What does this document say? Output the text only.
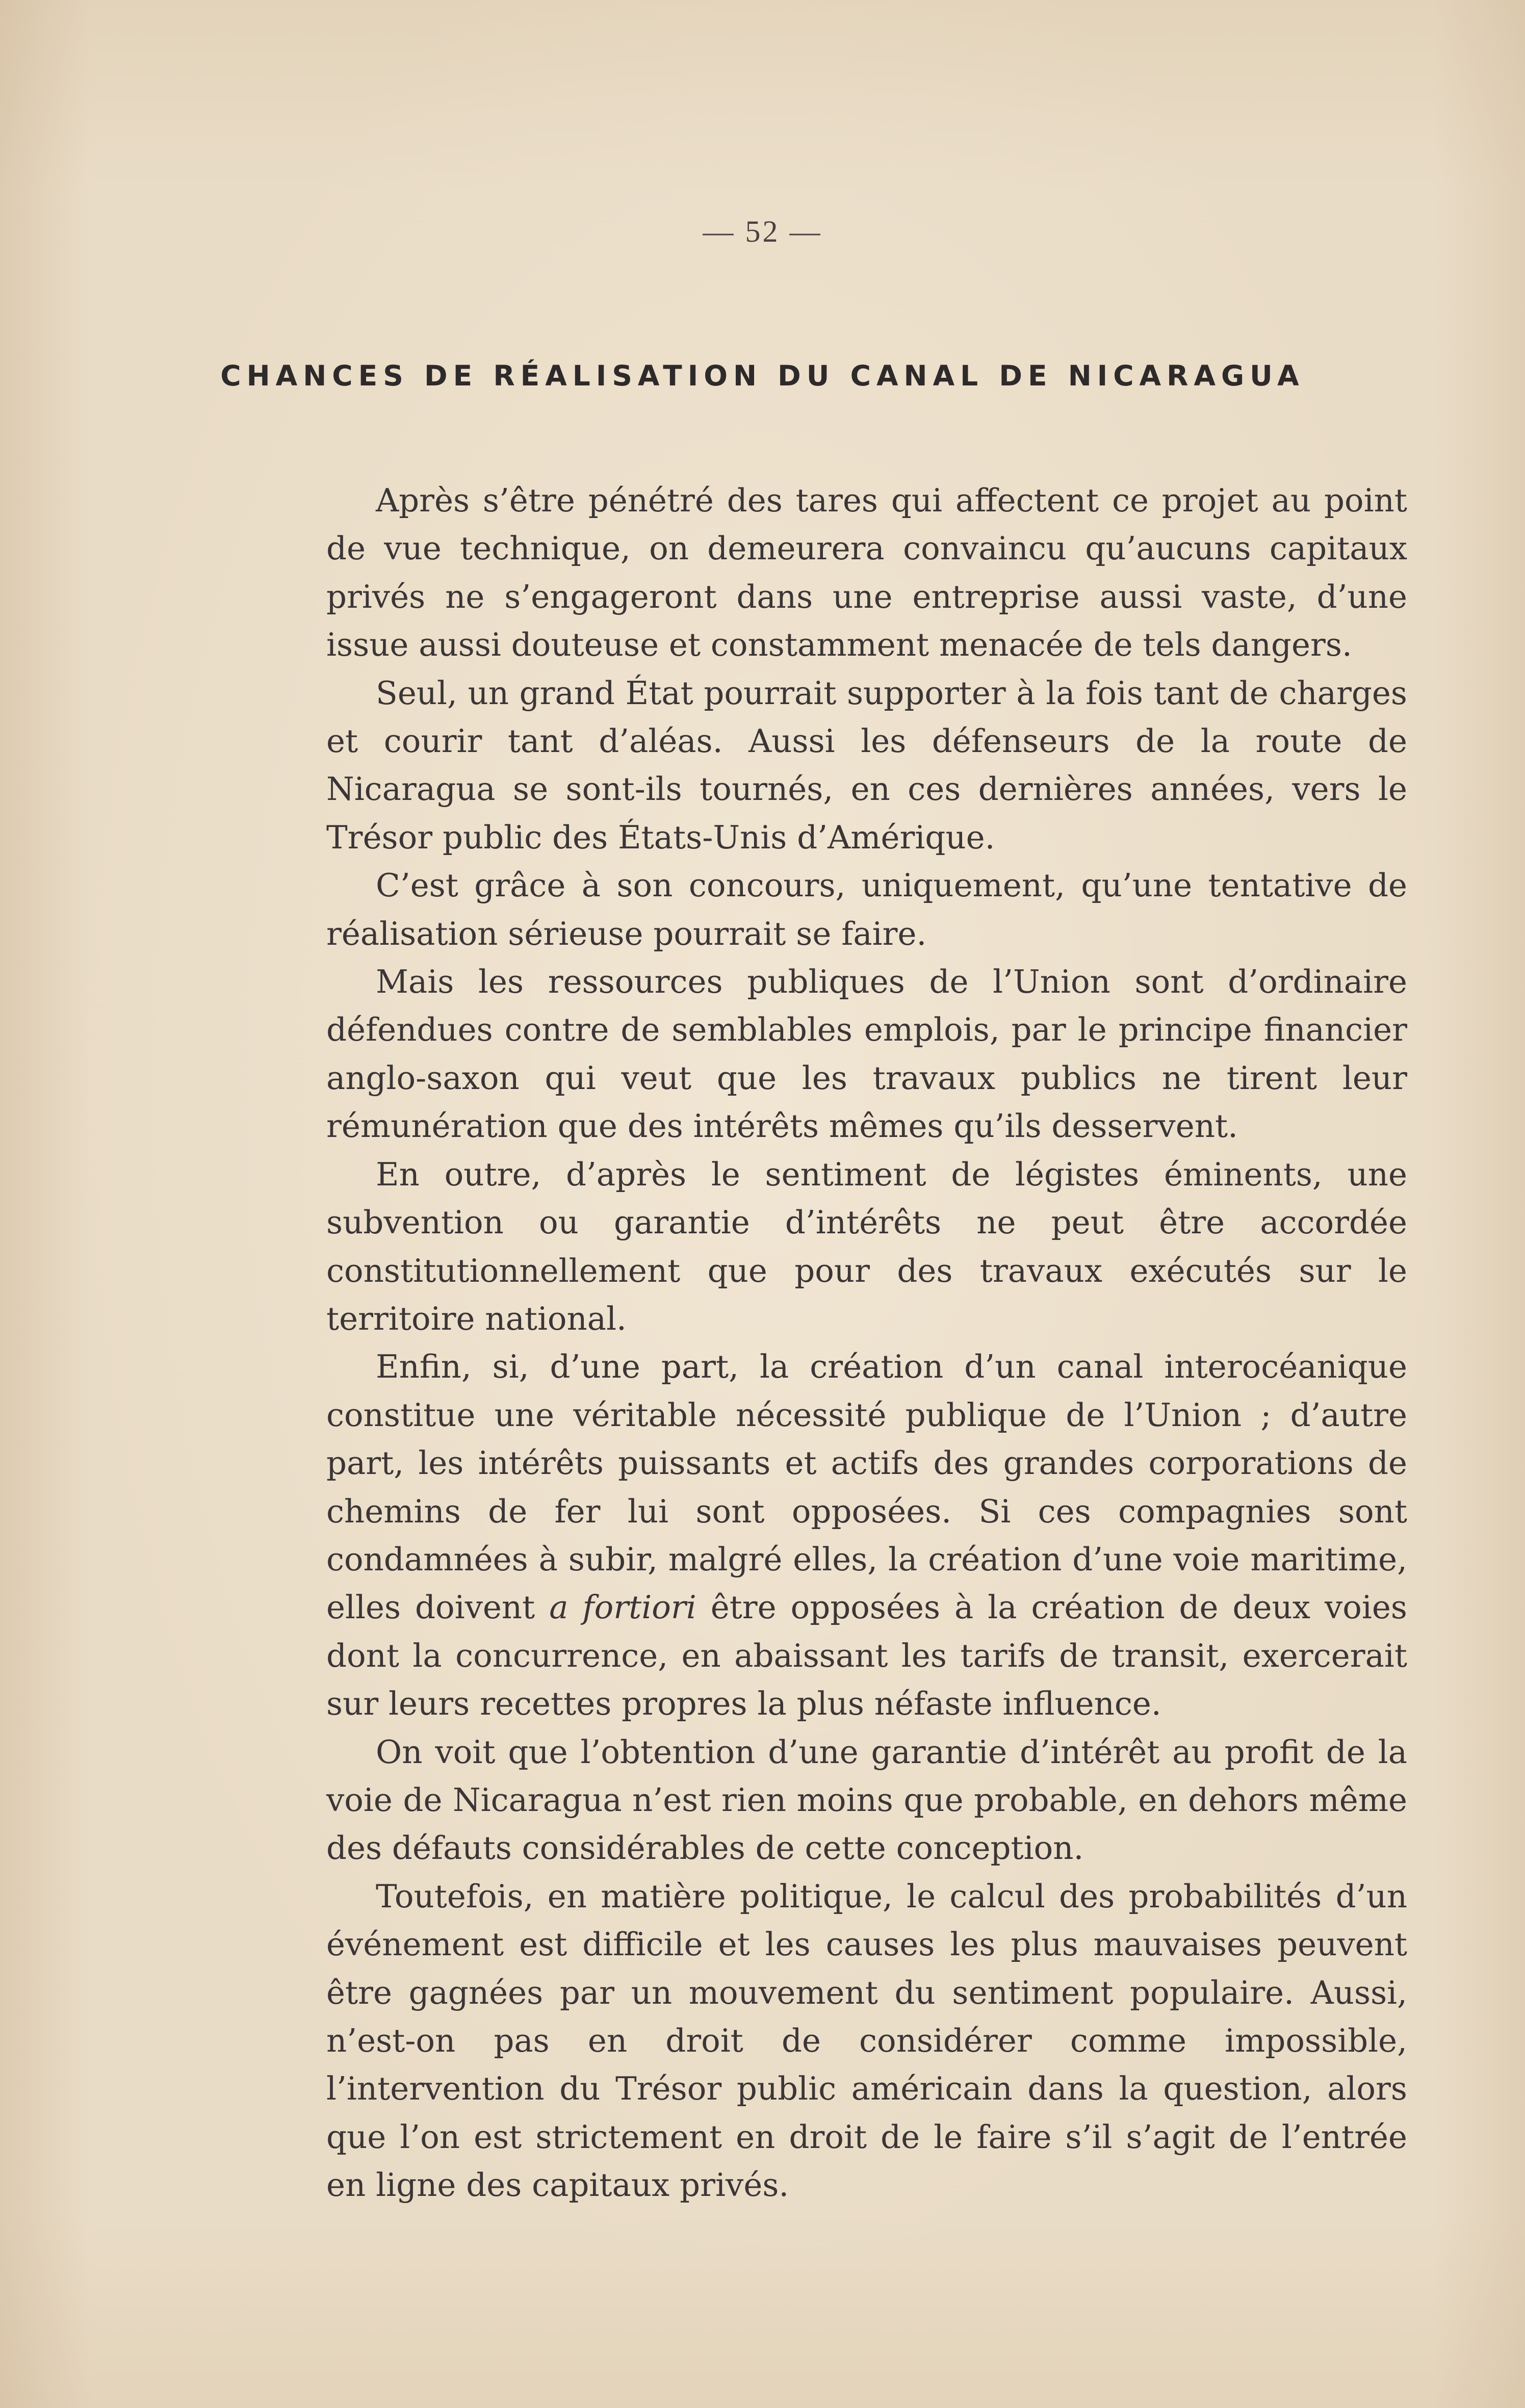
— 52 —
CHANCES DE RÉALISATION DU CANAL DE NICARAGUA

Après s’être pénétré des tares qui affectent ce projet au point de vue technique, on demeurera convaincu qu’aucuns capitaux privés ne s’engageront dans une entreprise aussi vaste, d’une issue aussi douteuse et constamment menacée de tels dangers.

Seul, un grand État pourrait supporter à la fois tant de charges et courir tant d’aléas. Aussi les défenseurs de la route de Nicaragua se sont-ils tournés, en ces dernières années, vers le Trésor public des États-Unis d’Amérique.

C’est grâce à son concours, uniquement, qu’une tentative de réalisation sérieuse pourrait se faire.

Mais les ressources publiques de l’Union sont d’ordinaire défendues contre de semblables emplois, par le principe financier anglo-saxon qui veut que les travaux publics ne tirent leur rémunération que des intérêts mêmes qu’ils desservent.

En outre, d’après le sentiment de légistes éminents, une subvention ou garantie d’intérêts ne peut être accordée constitutionnellement que pour des travaux exécutés sur le territoire national.

Enfin, si, d’une part, la création d’un canal interocéanique constitue une véritable nécessité publique de l’Union ; d’autre part, les intérêts puissants et actifs des grandes corporations de chemins de fer lui sont opposées. Si ces compagnies sont condamnées à subir, malgré elles, la création d’une voie maritime, elles doivent a fortiori être opposées à la création de deux voies dont la concurrence, en abaissant les tarifs de transit, exercerait sur leurs recettes propres la plus néfaste influence.

On voit que l’obtention d’une garantie d’intérêt au profit de la voie de Nicaragua n’est rien moins que probable, en dehors même des défauts considérables de cette conception.

Toutefois, en matière politique, le calcul des probabilités d’un événement est difficile et les causes les plus mauvaises peuvent être gagnées par un mouvement du sentiment populaire. Aussi, n’est-on pas en droit de considérer comme impossible, l’intervention du Trésor public américain dans la question, alors que l’on est strictement en droit de le faire s’il s’agit de l’entrée en ligne des capitaux privés.
